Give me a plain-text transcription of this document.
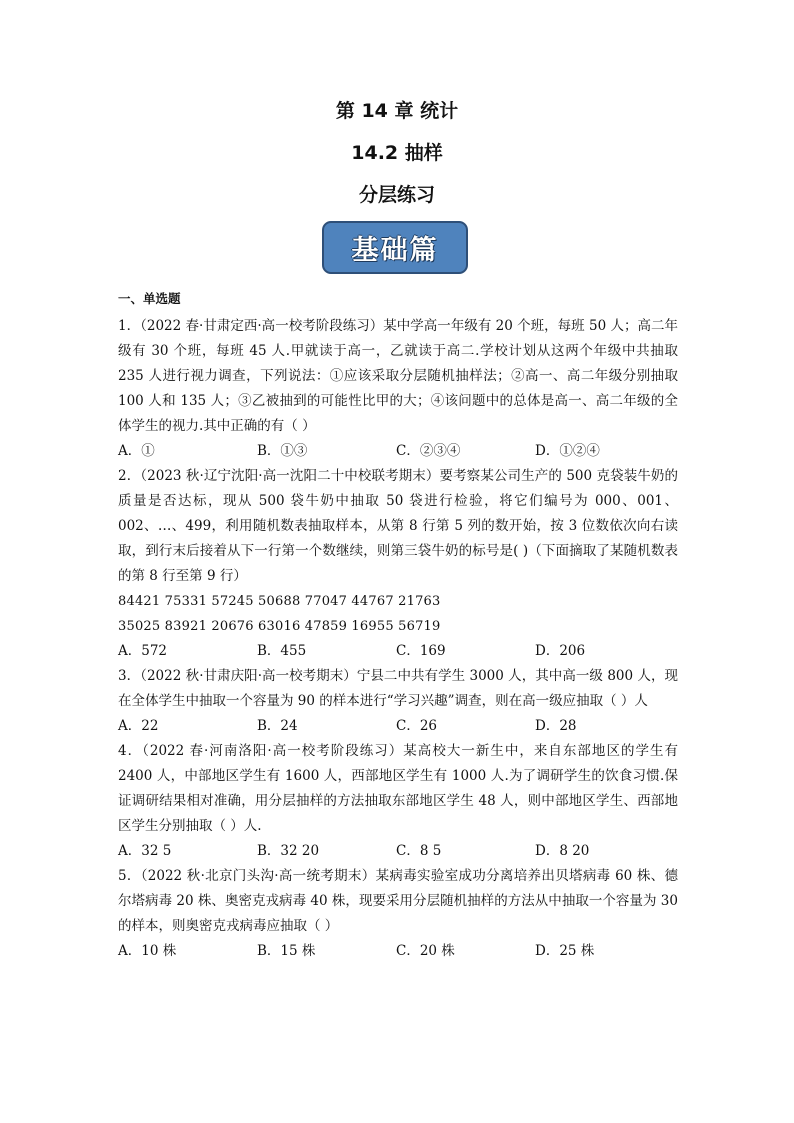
第 14 章 统计
14.2 抽样
分层练习
基础篇
一、单选题
1．（2022 春·甘肃定西·高一校考阶段练习）某中学高一年级有 20 个班，每班 50 人；高二年级有 30 个班，每班 45 人.甲就读于高一，乙就读于高二.学校计划从这两个年级中共抽取 235 人进行视力调查，下列说法：①应该采取分层随机抽样法；②高一、高二年级分别抽取 100 人和 135 人；③乙被抽到的可能性比甲的大；④该问题中的总体是高一、高二年级的全体学生的视力.其中正确的有（ ）
A．①	B．①③	C．②③④	D．①②④
2．（2023 秋·辽宁沈阳·高一沈阳二十中校联考期末）要考察某公司生产的 500 克袋装牛奶的质量是否达标，现从 500 袋牛奶中抽取 50 袋进行检验，将它们编号为 000、001、002、…、499，利用随机数表抽取样本，从第 8 行第 5 列的数开始，按 3 位数依次向右读取，到行末后接着从下一行第一个数继续，则第三袋牛奶的标号是( )（下面摘取了某随机数表的第 8 行至第 9 行）
84421 75331 57245 50688 77047 44767 21763
35025 83921 20676 63016 47859 16955 56719
A．572	B．455	C．169	D．206
3．（2022 秋·甘肃庆阳·高一校考期末）宁县二中共有学生 3000 人，其中高一级 800 人，现在全体学生中抽取一个容量为 90 的样本进行“学习兴趣”调查，则在高一级应抽取（ ）人
A．22	B．24	C．26	D．28
4．（2022 春·河南洛阳·高一校考阶段练习）某高校大一新生中，来自东部地区的学生有 2400 人，中部地区学生有 1600 人，西部地区学生有 1000 人.为了调研学生的饮食习惯.保证调研结果相对准确，用分层抽样的方法抽取东部地区学生 48 人，则中部地区学生、西部地区学生分别抽取（ ）人.
A．32 5	B．32 20	C．8 5	D．8 20
5．（2022 秋·北京门头沟·高一统考期末）某病毒实验室成功分离培养出贝塔病毒 60 株、德尔塔病毒 20 株、奥密克戎病毒 40 株，现要采用分层随机抽样的方法从中抽取一个容量为 30 的样本，则奥密克戎病毒应抽取（ ）
A．10 株	B．15 株	C．20 株	D．25 株
